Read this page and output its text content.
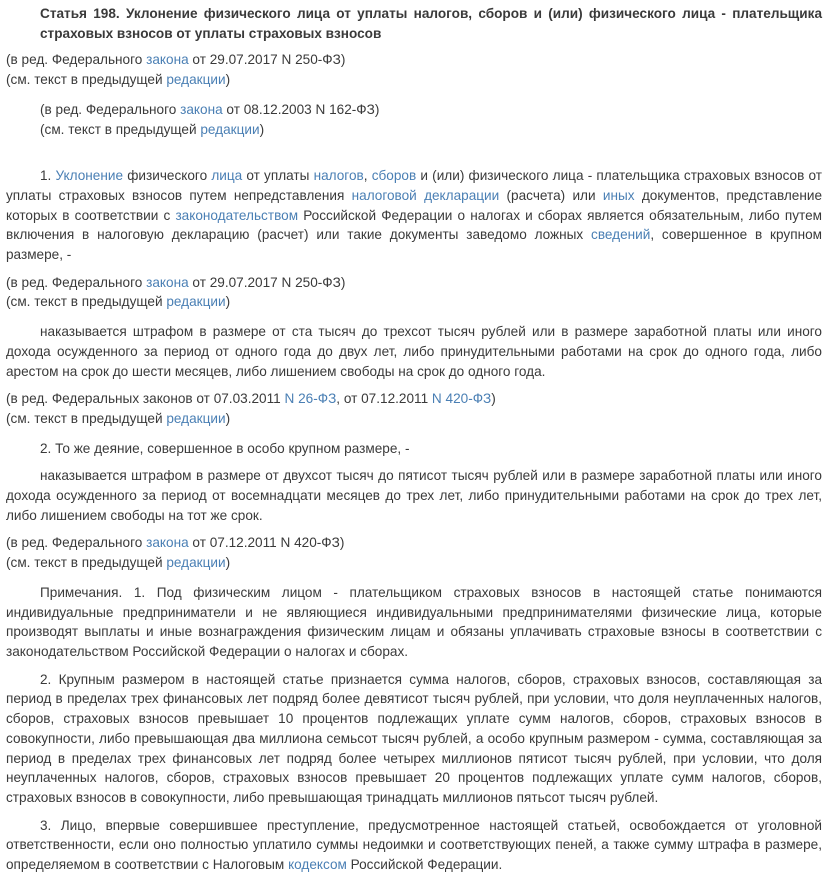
Статья 198. Уклонение физического лица от уплаты налогов, сборов и (или) физического лица - плательщика страховых взносов от уплаты страховых взносов
(в ред. Федерального закона от 29.07.2017 N 250-ФЗ)
(см. текст в предыдущей редакции)
(в ред. Федерального закона от 08.12.2003 N 162-ФЗ)
(см. текст в предыдущей редакции)
1. Уклонение физического лица от уплаты налогов, сборов и (или) физического лица - плательщика страховых взносов от уплаты страховых взносов путем непредставления налоговой декларации (расчета) или иных документов, представление которых в соответствии с законодательством Российской Федерации о налогах и сборах является обязательным, либо путем включения в налоговую декларацию (расчет) или такие документы заведомо ложных сведений, совершенное в крупном размере, -
(в ред. Федерального закона от 29.07.2017 N 250-ФЗ)
(см. текст в предыдущей редакции)
наказывается штрафом в размере от ста тысяч до трехсот тысяч рублей или в размере заработной платы или иного дохода осужденного за период от одного года до двух лет, либо принудительными работами на срок до одного года, либо арестом на срок до шести месяцев, либо лишением свободы на срок до одного года.
(в ред. Федеральных законов от 07.03.2011 N 26-ФЗ, от 07.12.2011 N 420-ФЗ)
(см. текст в предыдущей редакции)
2. То же деяние, совершенное в особо крупном размере, -
наказывается штрафом в размере от двухсот тысяч до пятисот тысяч рублей или в размере заработной платы или иного дохода осужденного за период от восемнадцати месяцев до трех лет, либо принудительными работами на срок до трех лет, либо лишением свободы на тот же срок.
(в ред. Федерального закона от 07.12.2011 N 420-ФЗ)
(см. текст в предыдущей редакции)
Примечания. 1. Под физическим лицом - плательщиком страховых взносов в настоящей статье понимаются индивидуальные предприниматели и не являющиеся индивидуальными предпринимателями физические лица, которые производят выплаты и иные вознаграждения физическим лицам и обязаны уплачивать страховые взносы в соответствии с законодательством Российской Федерации о налогах и сборах.
2. Крупным размером в настоящей статье признается сумма налогов, сборов, страховых взносов, составляющая за период в пределах трех финансовых лет подряд более девятисот тысяч рублей, при условии, что доля неуплаченных налогов, сборов, страховых взносов превышает 10 процентов подлежащих уплате сумм налогов, сборов, страховых взносов в совокупности, либо превышающая два миллиона семьсот тысяч рублей, а особо крупным размером - сумма, составляющая за период в пределах трех финансовых лет подряд более четырех миллионов пятисот тысяч рублей, при условии, что доля неуплаченных налогов, сборов, страховых взносов превышает 20 процентов подлежащих уплате сумм налогов, сборов, страховых взносов в совокупности, либо превышающая тринадцать миллионов пятьсот тысяч рублей.
3. Лицо, впервые совершившее преступление, предусмотренное настоящей статьей, освобождается от уголовной ответственности, если оно полностью уплатило суммы недоимки и соответствующих пеней, а также сумму штрафа в размере, определяемом в соответствии с Налоговым кодексом Российской Федерации.
